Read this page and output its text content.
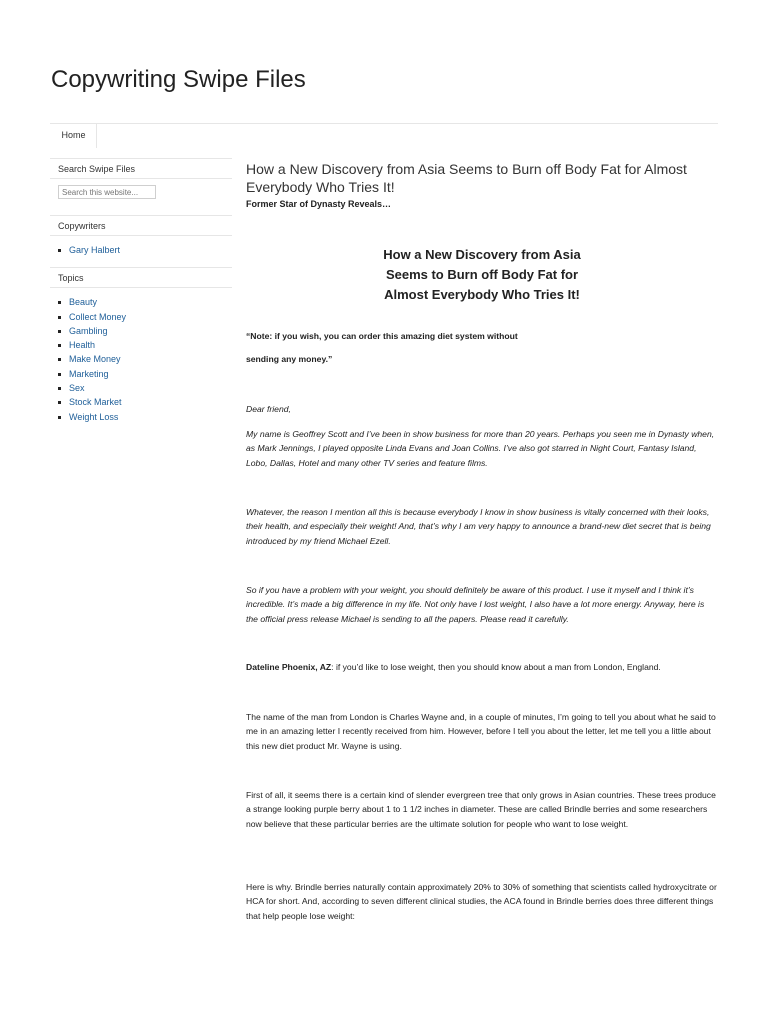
Copywriting Swipe Files
Home
Search Swipe Files
Search this website...
Copywriters
Gary Halbert
Topics
Beauty
Collect Money
Gambling
Health
Make Money
Marketing
Sex
Stock Market
Weight Loss
How a New Discovery from Asia Seems to Burn off Body Fat for Almost Everybody Who Tries It!
Former Star of Dynasty Reveals…
How a New Discovery from Asia
Seems to Burn off Body Fat for
Almost Everybody Who Tries It!

“Note: if you wish, you can order this amazing diet system without

sending any money.”

Dear friend,

My name is Geoffrey Scott and I’ve been in show business for more than 20 years. Perhaps you seen me in Dynasty when, as Mark Jennings, I played opposite Linda Evans and Joan Collins. I’ve also got starred in Night Court, Fantasy Island, Lobo, Dallas, Hotel and many other TV series and feature films.

Whatever, the reason I mention all this is because everybody I know in show business is vitally concerned with their looks, their health, and especially their weight! And, that’s why I am very happy to announce a brand-new diet secret that is being introduced by my friend Michael Ezell.

So if you have a problem with your weight, you should definitely be aware of this product. I use it myself and I think it’s incredible. It’s made a big difference in my life. Not only have I lost weight, I also have a lot more energy. Anyway, here is the official press release Michael is sending to all the papers. Please read it carefully.

Dateline Phoenix, AZ: if you’d like to lose weight, then you should know about a man from London, England.

The name of the man from London is Charles Wayne and, in a couple of minutes, I’m going to tell you about what he said to me in an amazing letter I recently received from him. However, before I tell you about the letter, let me tell you a little about this new diet product Mr. Wayne is using.

First of all, it seems there is a certain kind of slender evergreen tree that only grows in Asian countries. These trees produce a strange looking purple berry about 1 to 1 1/2 inches in diameter. These are called Brindle berries and some researchers now believe that these particular berries are the ultimate solution for people who want to lose weight.

Here is why. Brindle berries naturally contain approximately 20% to 30% of something that scientists called hydroxycitrate or HCA for short. And, according to seven different clinical studies, the ACA found in Brindle berries does three different things that help people lose weight:
